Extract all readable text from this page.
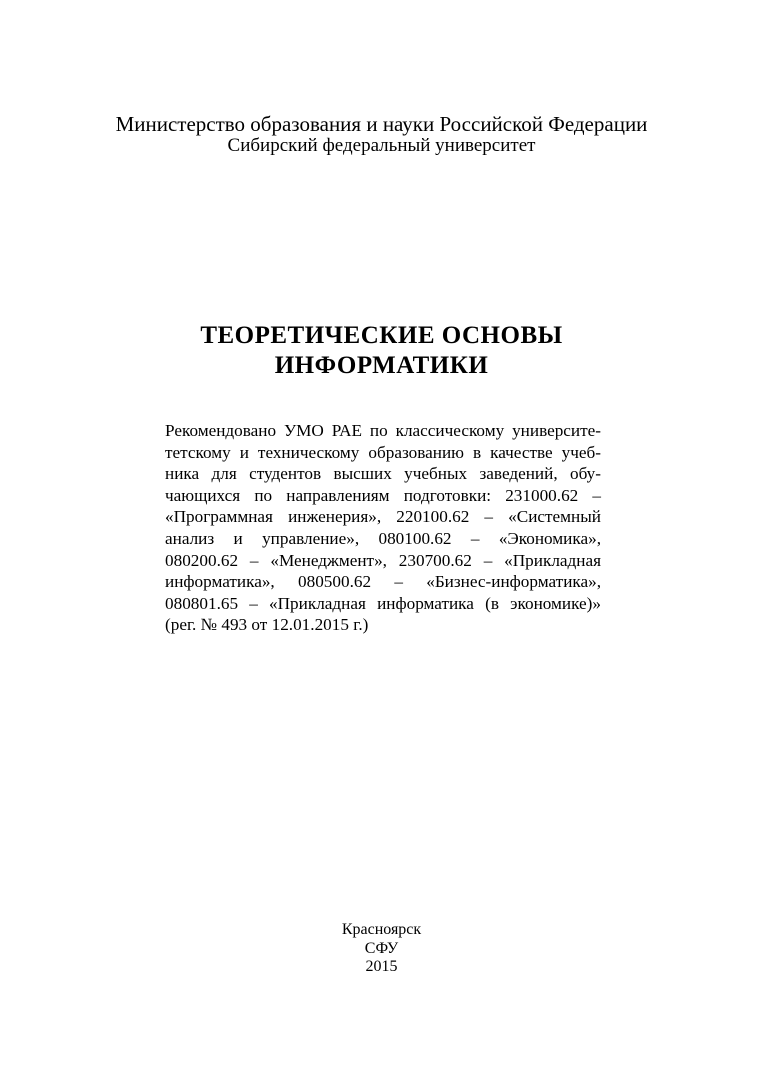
Министерство образования и науки Российской Федерации
Сибирский федеральный университет
ТЕОРЕТИЧЕСКИЕ ОСНОВЫ
ИНФОРМАТИКИ
Рекомендовано УМО РАЕ по классическому университе-
тетскому и техническому образованию в качестве учеб-
ника для студентов высших учебных заведений, обу-
чающихся по направлениям подготовки: 231000.62 –
«Программная инженерия», 220100.62 – «Системный
анализ и управление», 080100.62 – «Экономика»,
080200.62 – «Менеджмент», 230700.62 – «Прикладная
информатика», 080500.62 – «Бизнес-информатика»,
080801.65 – «Прикладная информатика (в экономике)»
(рег. № 493 от 12.01.2015 г.)
Красноярск
СФУ
2015
